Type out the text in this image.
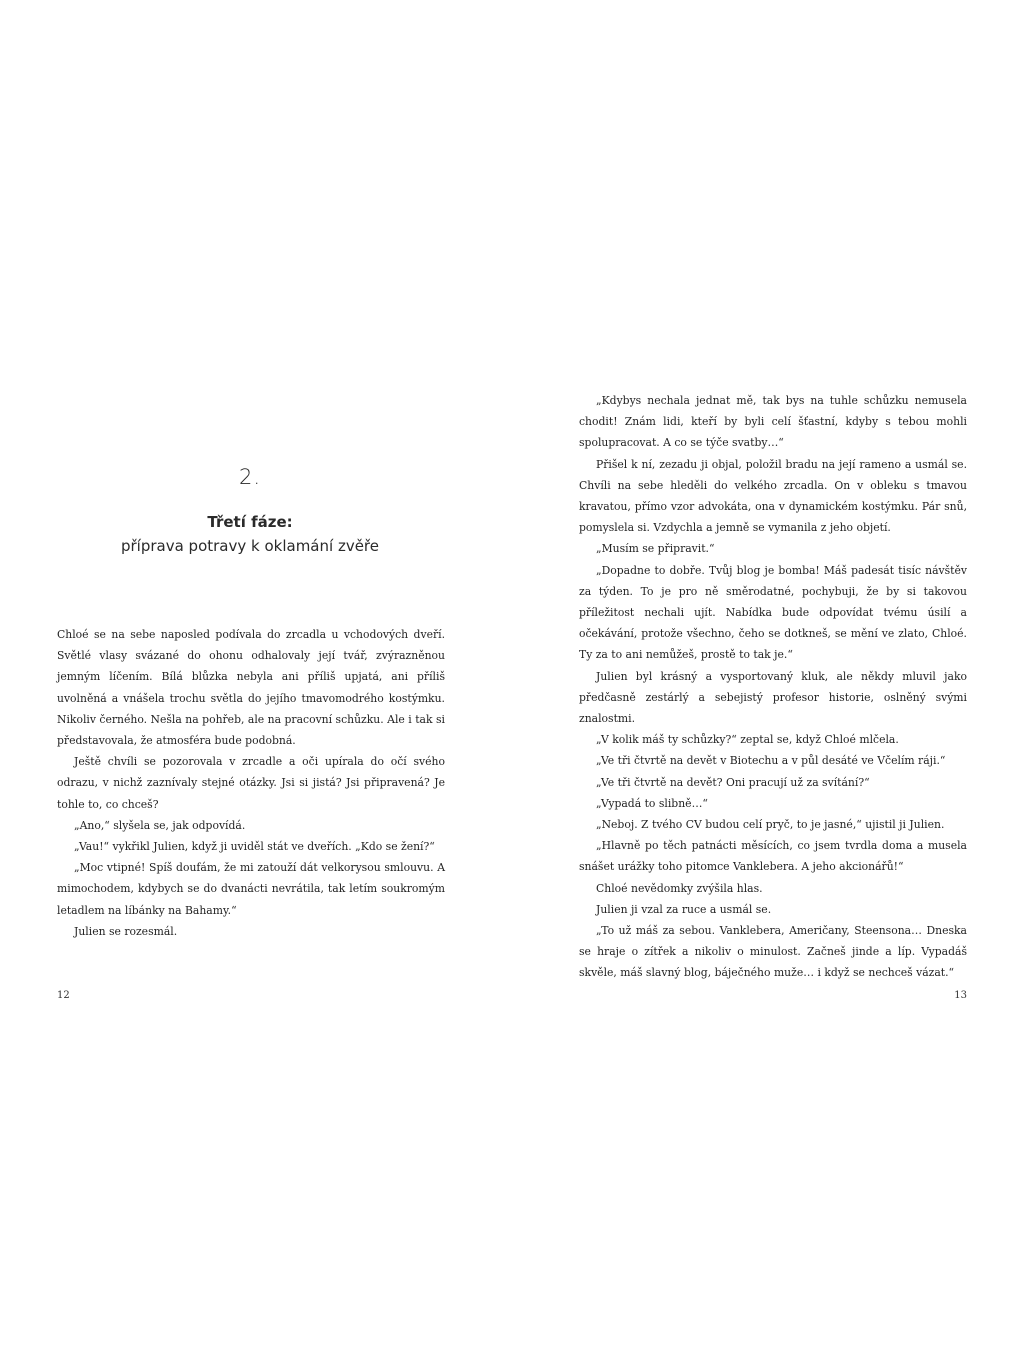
2.
Třetí fáze:
příprava potravy k oklamání zvěře

Chloé se na sebe naposled podívala do zrcadla u vchodových dveří. Světlé vlasy svázané do ohonu odhalovaly její tvář, zvýrazněnou jemným líčením. Bílá blůzka nebyla ani příliš upjatá, ani příliš uvolněná a vnášela trochu světla do jejího tmavomodrého kostýmku. Nikoliv černého. Nešla na pohřeb, ale na pracovní schůzku. Ale i tak si představovala, že atmosféra bude podobná.

Ještě chvíli se pozorovala v zrcadle a oči upírala do očí svého odrazu, v nichž zaznívaly stejné otázky. Jsi si jistá? Jsi připravená? Je tohle to, co chceš?

„Ano,“ slyšela se, jak odpovídá.

„Vau!“ vykřikl Julien, když ji uviděl stát ve dveřích. „Kdo se žení?“

„Moc vtipné! Spíš doufám, že mi zatouží dát velkorysou smlouvu. A mimochodem, kdybych se do dvanácti nevrátila, tak letím soukromým letadlem na líbánky na Bahamy.“

Julien se rozesmál.

12

„Kdybys nechala jednat mě, tak bys na tuhle schůzku nemusela chodit! Znám lidi, kteří by byli celí šťastní, kdyby s tebou mohli spolupracovat. A co se týče svatby…“

Přišel k ní, zezadu ji objal, položil bradu na její rameno a usmál se. Chvíli na sebe hleděli do velkého zrcadla. On v obleku s tmavou kravatou, přímo vzor advokáta, ona v dynamickém kostýmku. Pár snů, pomyslela si. Vzdychla a jemně se vymanila z jeho objetí.

„Musím se připravit.“

„Dopadne to dobře. Tvůj blog je bomba! Máš padesát tisíc návštěv za týden. To je pro ně směrodatné, pochybuji, že by si takovou příležitost nechali ujít. Nabídka bude odpovídat tvému úsilí a očekávání, protože všechno, čeho se dotkneš, se mění ve zlato, Chloé. Ty za to ani nemůžeš, prostě to tak je.“

Julien byl krásný a vysportovaný kluk, ale někdy mluvil jako předčasně zestárlý a sebejistý profesor historie, oslněný svými znalostmi.

„V kolik máš ty schůzky?“ zeptal se, když Chloé mlčela.

„Ve tři čtvrtě na devět v Biotechu a v půl desáté ve Včelím ráji.“

„Ve tři čtvrtě na devět? Oni pracují už za svítání?“

„Vypadá to slibně…“

„Neboj. Z tvého CV budou celí pryč, to je jasné,“ ujistil ji Julien.

„Hlavně po těch patnácti měsících, co jsem tvrdla doma a musela snášet urážky toho pitomce Vanklebera. A jeho akcionářů!“

Chloé nevědomky zvýšila hlas.

Julien ji vzal za ruce a usmál se.

„To už máš za sebou. Vanklebera, Američany, Steensona… Dneska se hraje o zítřek a nikoliv o minulost. Začneš jinde a líp. Vypadáš skvěle, máš slavný blog, báječného muže… i když se nechceš vázat.“

13
